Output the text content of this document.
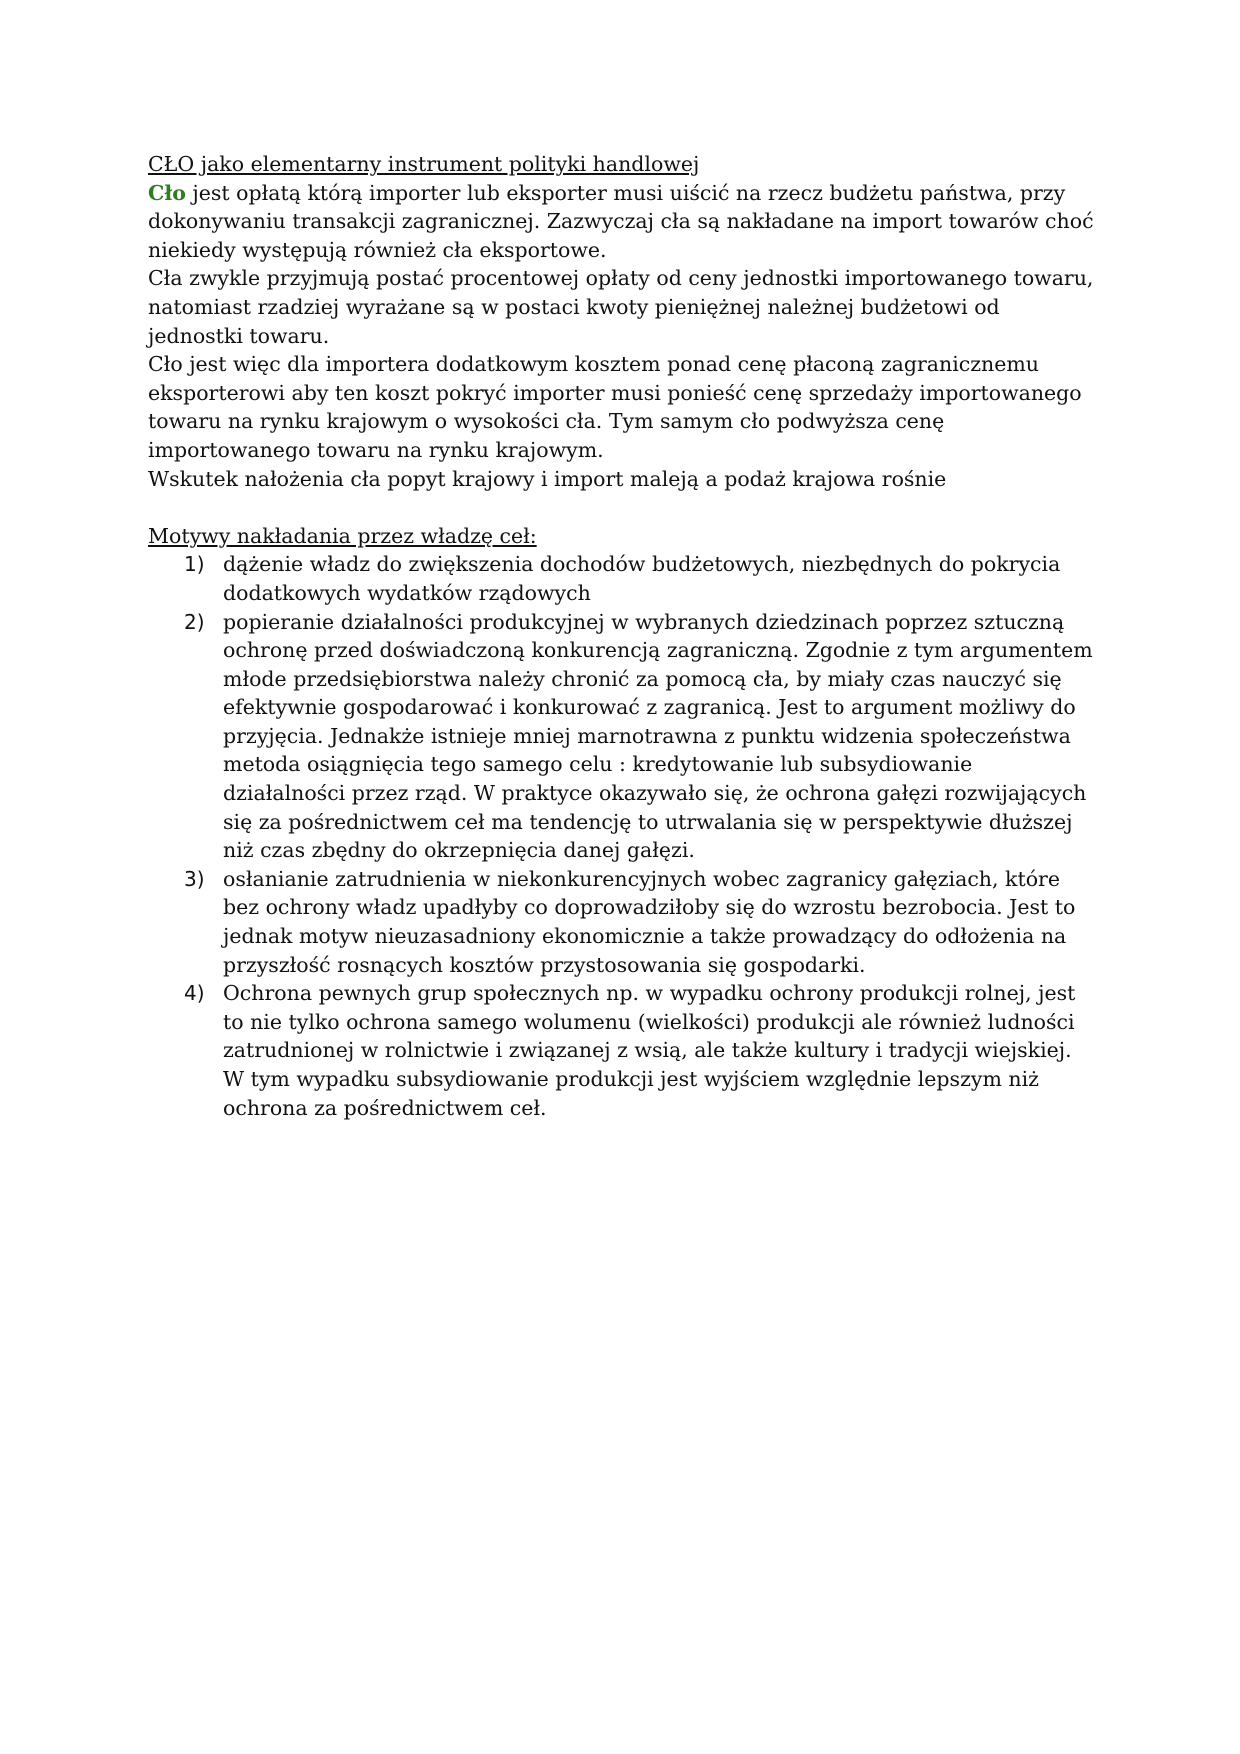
CŁO jako elementarny instrument polityki handlowej

Cło jest opłatą którą importer lub eksporter musi uiścić na rzecz budżetu państwa, przy dokonywaniu transakcji zagranicznej. Zazwyczaj cła są nakładane na import towarów choć niekiedy występują również cła eksportowe.

Cła zwykle przyjmują postać procentowej opłaty od ceny jednostki importowanego towaru, natomiast rzadziej wyrażane są w postaci kwoty pieniężnej należnej budżetowi od jednostki towaru.

Cło jest więc dla importera dodatkowym kosztem ponad cenę płaconą zagranicznemu eksporterowi aby ten koszt pokryć importer musi ponieść cenę sprzedaży importowanego towaru na rynku krajowym o wysokości cła. Tym samym cło podwyższa cenę importowanego towaru na rynku krajowym.

Wskutek nałożenia cła popyt krajowy i import maleją a podaż krajowa rośnie

Motywy nakładania przez władzę ceł:
1) dążenie władz do zwiększenia dochodów budżetowych, niezbędnych do pokrycia dodatkowych wydatków rządowych
2) popieranie działalności produkcyjnej w wybranych dziedzinach poprzez sztuczną ochronę przed doświadczoną konkurencją zagraniczną. Zgodnie z tym argumentem młode przedsiębiorstwa należy chronić za pomocą cła, by miały czas nauczyć się efektywnie gospodarować i konkurować z zagranicą. Jest to argument możliwy do przyjęcia. Jednakże istnieje mniej marnotrawna z punktu widzenia społeczeństwa metoda osiągnięcia tego samego celu : kredytowanie lub subsydiowanie działalności przez rząd. W praktyce okazywało się, że ochrona gałęzi rozwijających się za pośrednictwem ceł ma tendencję to utrwalania się w perspektywie dłuższej niż czas zbędny do okrzepnięcia danej gałęzi.
3) osłanianie zatrudnienia w niekonkurencyjnych wobec zagranicy gałęziach, które bez ochrony władz upadłyby co doprowadziłoby się do wzrostu bezrobocia. Jest to jednak motyw nieuzasadniony ekonomicznie a także prowadzący do odłożenia na przyszłość rosnących kosztów przystosowania się gospodarki.
4) Ochrona pewnych grup społecznych np. w wypadku ochrony produkcji rolnej, jest to nie tylko ochrona samego wolumenu (wielkości) produkcji ale również ludności zatrudnionej w rolnictwie i związanej z wsią, ale także kultury i tradycji wiejskiej. W tym wypadku subsydiowanie produkcji jest wyjściem względnie lepszym niż ochrona za pośrednictwem ceł.
